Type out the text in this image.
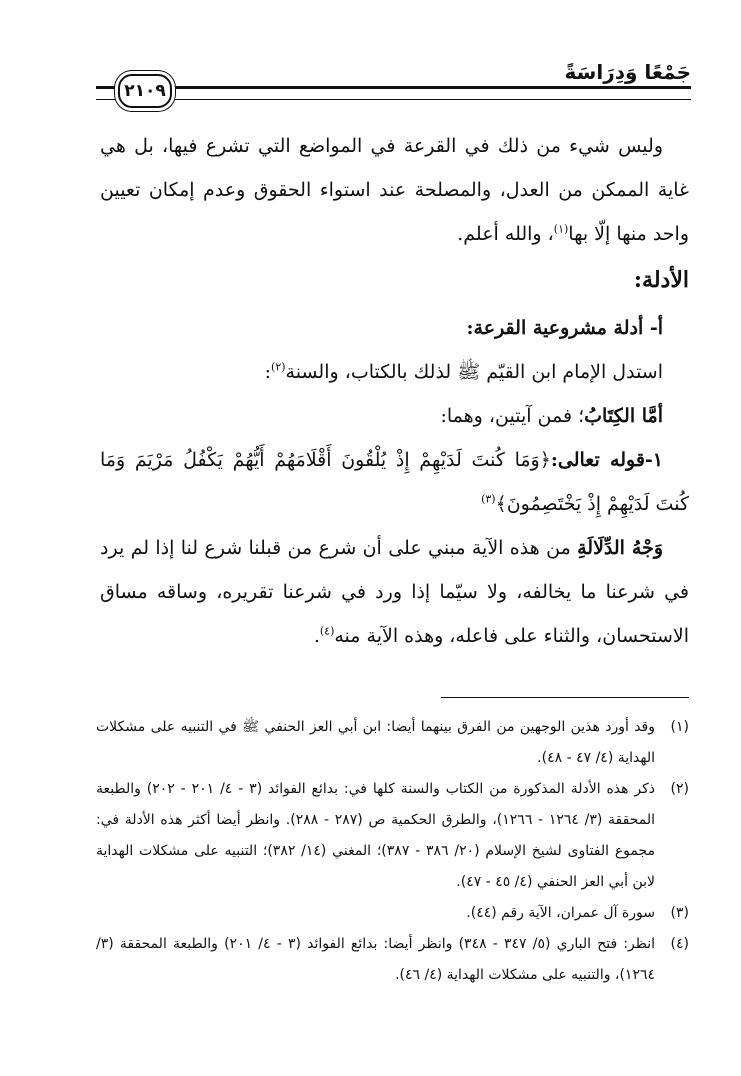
جَمْعًا وَدِرَاسَةً
٢١٠٩

وليس شيء من ذلك في القرعة في المواضع التي تشرع فيها، بل هي غاية الممكن من العدل، والمصلحة عند استواء الحقوق وعدم إمكان تعيين واحد منها إلّا بها$^{(١)}$، والله أعلم.

الأدلة:

أ- أدلة مشروعية القرعة:

استدل الإمام ابن القيّم ﷺ لذلك بالكتاب، والسنة$^{(٢)}$:

أمَّا الكِتَابُ؛ فمن آيتين، وهما:

١-قوله تعالى:﴿وَمَا كُنتَ لَدَيْهِمْ إِذْ يُلْقُونَ أَقْلَامَهُمْ أَيُّهُمْ يَكْفُلُ مَرْيَمَ وَمَا كُنتَ لَدَيْهِمْ إِذْ يَخْتَصِمُونَ﴾$^{(٣)}$

وَجْهُ الدِّلَالَةِ من هذه الآية مبني على أن شرع من قبلنا شرع لنا إذا لم يرد في شرعنا ما يخالفه، ولا سيّما إذا ورد في شرعنا تقريره، وساقه مساق الاستحسان، والثناء على فاعله، وهذه الآية منه$^{(٤)}$.

(١)
وقد أورد هذين الوجهين من الفرق بينهما أيضا: ابن أبي العز الحنفي ﷺ في التنبيه على مشكلات الهداية (٤/ ٤٧ - ٤٨).
(٢)
ذكر هذه الأدلة المذكورة من الكتاب والسنة كلها في: بدائع الفوائد (٣ - ٤/ ٢٠١ - ٢٠٢) والطبعة المحققة (٣/ ١٢٦٤ - ١٢٦٦)، والطرق الحكمية ص (٢٨٧ - ٢٨٨). وانظر أيضا أكثر هذه الأدلة في: مجموع الفتاوى لشيخ الإسلام (٢٠/ ٣٨٦ - ٣٨٧)؛ المغني (١٤/ ٣٨٢)؛ التنبيه على مشكلات الهداية لابن أبي العز الحنفي (٤/ ٤٥ - ٤٧).
(٣)
سورة آل عمران، الآية رقم (٤٤).
(٤)
انظر: فتح الباري (٥/ ٣٤٧ - ٣٤٨) وانظر أيضا: بدائع الفوائد (٣ - ٤/ ٢٠١) والطبعة المحققة (٣/ ١٢٦٤)، والتنبيه على مشكلات الهداية (٤/ ٤٦).
